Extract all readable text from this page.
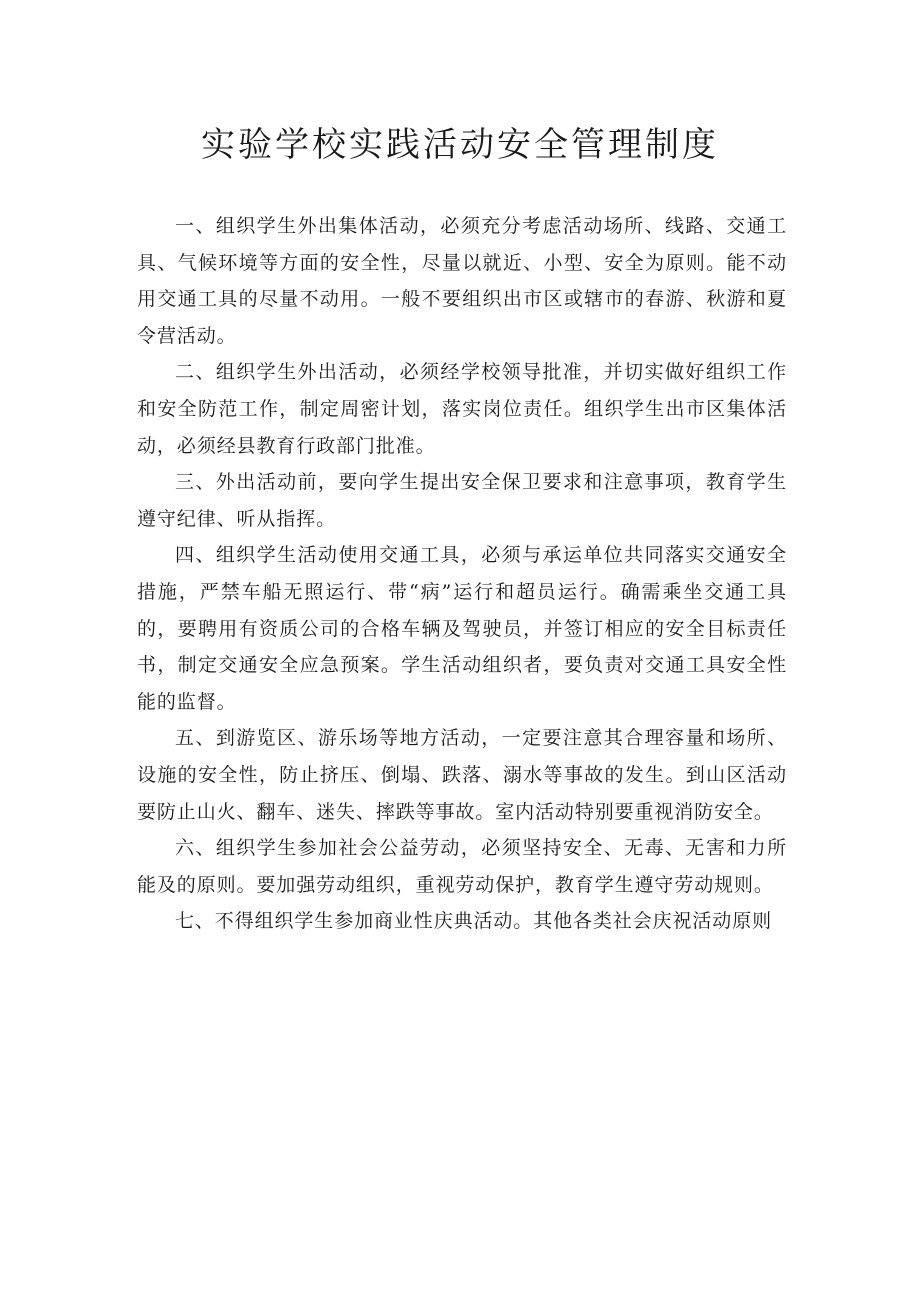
实验学校实践活动安全管理制度

一、组织学生外出集体活动，必须充分考虑活动场所、线路、交通工具、气候环境等方面的安全性，尽量以就近、小型、安全为原则。能不动用交通工具的尽量不动用。一般不要组织出市区或辖市的春游、秋游和夏令营活动。

二、组织学生外出活动，必须经学校领导批准，并切实做好组织工作和安全防范工作，制定周密计划，落实岗位责任。组织学生出市区集体活动，必须经县教育行政部门批准。

三、外出活动前，要向学生提出安全保卫要求和注意事项，教育学生遵守纪律、听从指挥。

四、组织学生活动使用交通工具，必须与承运单位共同落实交通安全措施，严禁车船无照运行、带“病”运行和超员运行。确需乘坐交通工具的，要聘用有资质公司的合格车辆及驾驶员，并签订相应的安全目标责任书，制定交通安全应急预案。学生活动组织者，要负责对交通工具安全性能的监督。

五、到游览区、游乐场等地方活动，一定要注意其合理容量和场所、设施的安全性，防止挤压、倒塌、跌落、溺水等事故的发生。到山区活动要防止山火、翻车、迷失、摔跌等事故。室内活动特别要重视消防安全。

六、组织学生参加社会公益劳动，必须坚持安全、无毒、无害和力所能及的原则。要加强劳动组织，重视劳动保护，教育学生遵守劳动规则。

七、不得组织学生参加商业性庆典活动。其他各类社会庆祝活动原则
